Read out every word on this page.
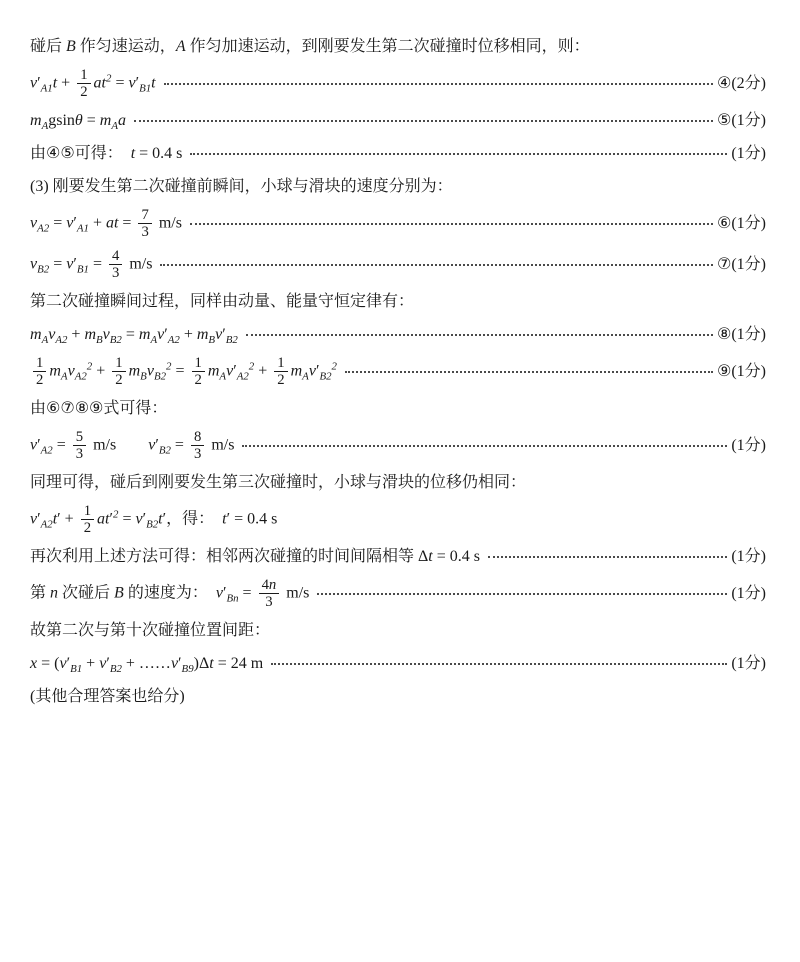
碰后 B 作匀速运动，A 作匀加速运动，到刚要发生第二次碰撞时位移相同，则：
$v'_{A1}t + \frac{1}{2} at^2 = v'_{B1}t$	④(2分)
$m_Agsin\theta = m_Aa$	⑤(1分)
由④⑤可得：  t = 0.4 s	(1分)
(3) 刚要发生第二次碰撞前瞬间，小球与滑块的速度分别为：
$v_{A2} = v'_{A1}$ + at = $\frac{7}{3} m/s$	⑥(1分)
$v_{B2} = v'_{B1} = \frac{4}{3} m/s$	⑦(1分)
第二次碰撞瞬间过程，同样由动量、能量守恒定律有：
$m_Av_{A2} + m_Bv_{B2} = m_Av'_{A2} + m_Bv'_{B2}$	⑧(1分)
$\frac{1}{2} m_Av_{A2}^2 + \frac{1}{2} m_Bv_{B2}^2 = \frac{1}{2} m_Av'_{A2}^2 + \frac{1}{2} m_Av'_{B2}^2$	⑨(1分)
由⑥⑦⑧⑨式可得：
$v'_{A2} = \frac{5}{3} m/s$        $v'_{B2} = \frac{8}{3} m/s$	(1分)
同理可得，碰后到刚要发生第三次碰撞时，小球与滑块的位移仍相同：
$v'_{A2}t' + \frac{1}{2} at'^2 = v'_{B2}t'$，得：  t′ = 0.4 s
再次利用上述方法可得：相邻两次碰撞的时间间隔相等 Δt = 0.4 s	(1分)
第 n 次碰后 B 的速度为：  $v'_{Bn} = \frac{4n}{3} m/s$	(1分)
故第二次与第十次碰撞位置间距：
$x = (v'_{B1} + v'_{B2}$ + $\dots\dots v'_{B9})\Delta t = 24$ m	(1分)
(其他合理答案也给分)
